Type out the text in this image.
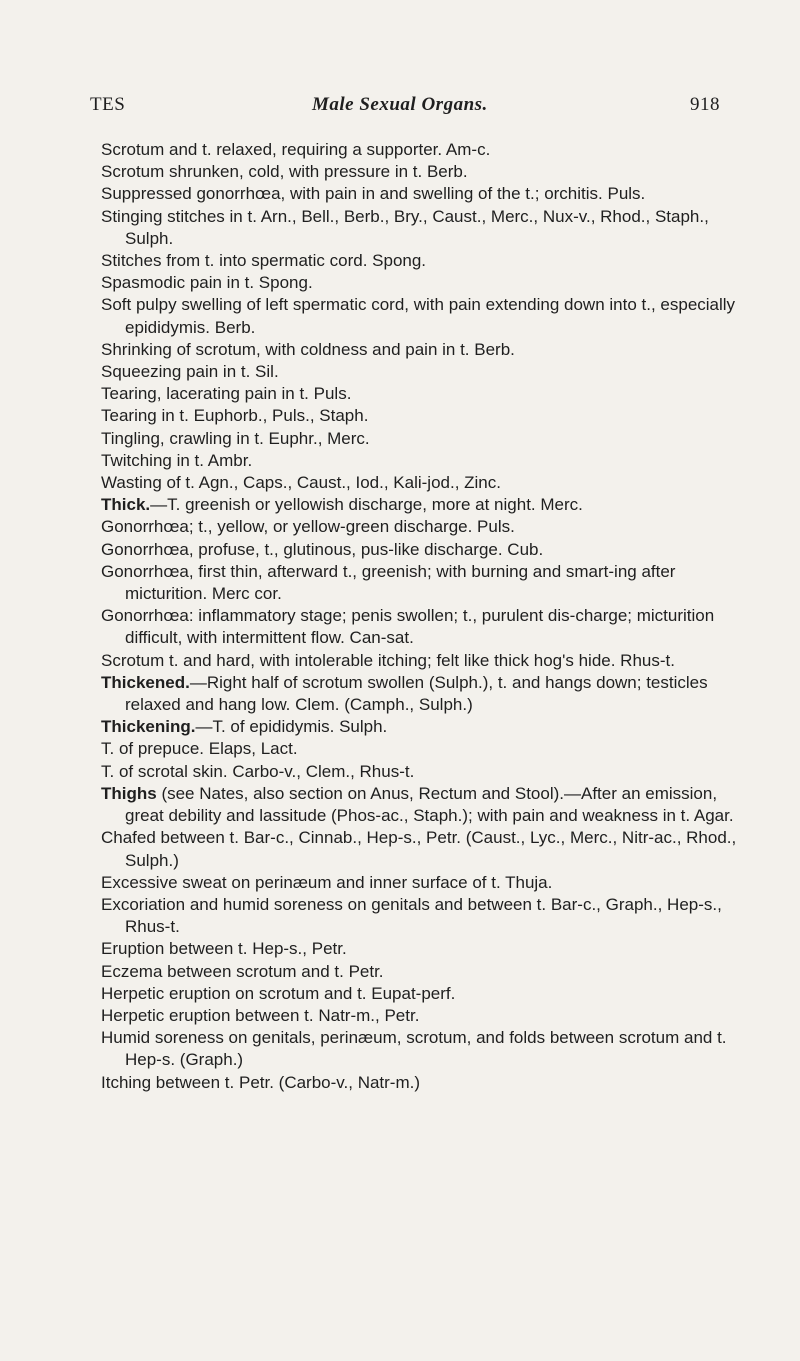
TES	Male Sexual Organs.	918
Scrotum and t. relaxed, requiring a supporter. Am-c.
Scrotum shrunken, cold, with pressure in t. Berb.
Suppressed gonorrhœa, with pain in and swelling of the t.; orchitis. Puls.
Stinging stitches in t. Arn., Bell., Berb., Bry., Caust., Merc., Nux-v., Rhod., Staph., Sulph.
Stitches from t. into spermatic cord. Spong.
Spasmodic pain in t. Spong.
Soft pulpy swelling of left spermatic cord, with pain extending down into t., especially epididymis. Berb.
Shrinking of scrotum, with coldness and pain in t. Berb.
Squeezing pain in t. Sil.
Tearing, lacerating pain in t. Puls.
Tearing in t. Euphorb., Puls., Staph.
Tingling, crawling in t. Euphr., Merc.
Twitching in t. Ambr.
Wasting of t. Agn., Caps., Caust., Iod., Kali-jod., Zinc.
Thick.—T. greenish or yellowish discharge, more at night. Merc.
Gonorrhœa; t., yellow, or yellow-green discharge. Puls.
Gonorrhœa, profuse, t., glutinous, pus-like discharge. Cub.
Gonorrhœa, first thin, afterward t., greenish; with burning and smart-ing after micturition. Merc cor.
Gonorrhœa: inflammatory stage; penis swollen; t., purulent dis-charge; micturition difficult, with intermittent flow. Can-sat.
Scrotum t. and hard, with intolerable itching; felt like thick hog's hide. Rhus-t.
Thickened.—Right half of scrotum swollen (Sulph.), t. and hangs down; testicles relaxed and hang low. Clem. (Camph., Sulph.)
Thickening.—T. of epididymis. Sulph.
T. of prepuce. Elaps, Lact.
T. of scrotal skin. Carbo-v., Clem., Rhus-t.
Thighs (see Nates, also section on Anus, Rectum and Stool).—After an emission, great debility and lassitude (Phos-ac., Staph.); with pain and weakness in t. Agar.
Chafed between t. Bar-c., Cinnab., Hep-s., Petr. (Caust., Lyc., Merc., Nitr-ac., Rhod., Sulph.)
Excessive sweat on perinæum and inner surface of t. Thuja.
Excoriation and humid soreness on genitals and between t. Bar-c., Graph., Hep-s., Rhus-t.
Eruption between t. Hep-s., Petr.
Eczema between scrotum and t. Petr.
Herpetic eruption on scrotum and t. Eupat-perf.
Herpetic eruption between t. Natr-m., Petr.
Humid soreness on genitals, perinæum, scrotum, and folds between scrotum and t. Hep-s. (Graph.)
Itching between t. Petr. (Carbo-v., Natr-m.)
